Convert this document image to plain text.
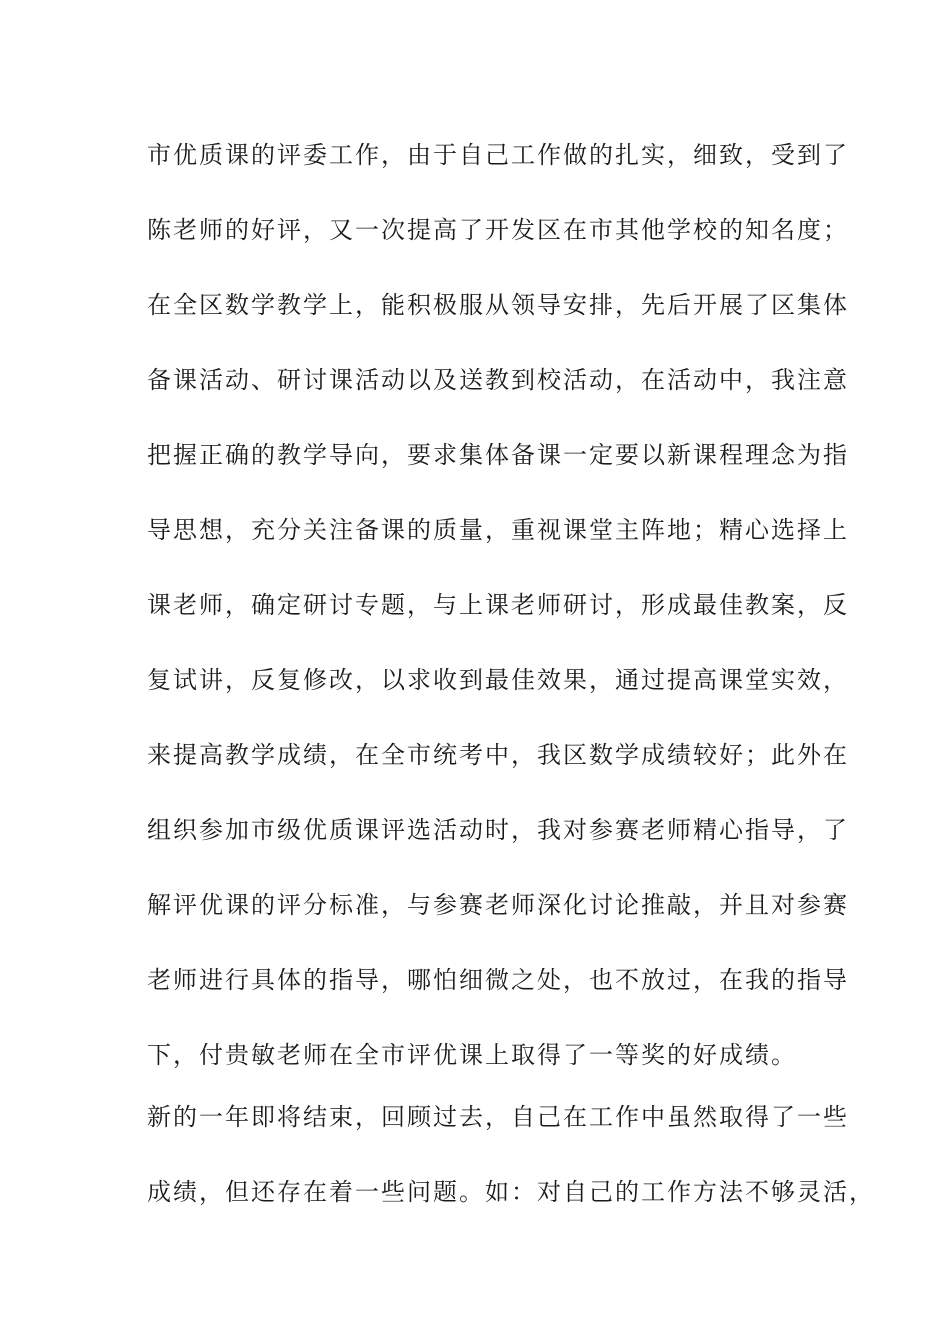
市优质课的评委工作，由于自己工作做的扎实，细致，受到了
陈老师的好评，又一次提高了开发区在市其他学校的知名度；
在全区数学教学上，能积极服从领导安排，先后开展了区集体
备课活动、研讨课活动以及送教到校活动，在活动中，我注意
把握正确的教学导向，要求集体备课一定要以新课程理念为指
导思想，充分关注备课的质量，重视课堂主阵地；精心选择上
课老师，确定研讨专题，与上课老师研讨，形成最佳教案，反
复试讲，反复修改，以求收到最佳效果，通过提高课堂实效，
来提高教学成绩，在全市统考中，我区数学成绩较好；此外在
组织参加市级优质课评选活动时，我对参赛老师精心指导，了
解评优课的评分标准，与参赛老师深化讨论推敲，并且对参赛
老师进行具体的指导，哪怕细微之处，也不放过，在我的指导
下，付贵敏老师在全市评优课上取得了一等奖的好成绩。
新的一年即将结束，回顾过去，自己在工作中虽然取得了一些
成绩，但还存在着一些问题。如：对自己的工作方法不够灵活，
